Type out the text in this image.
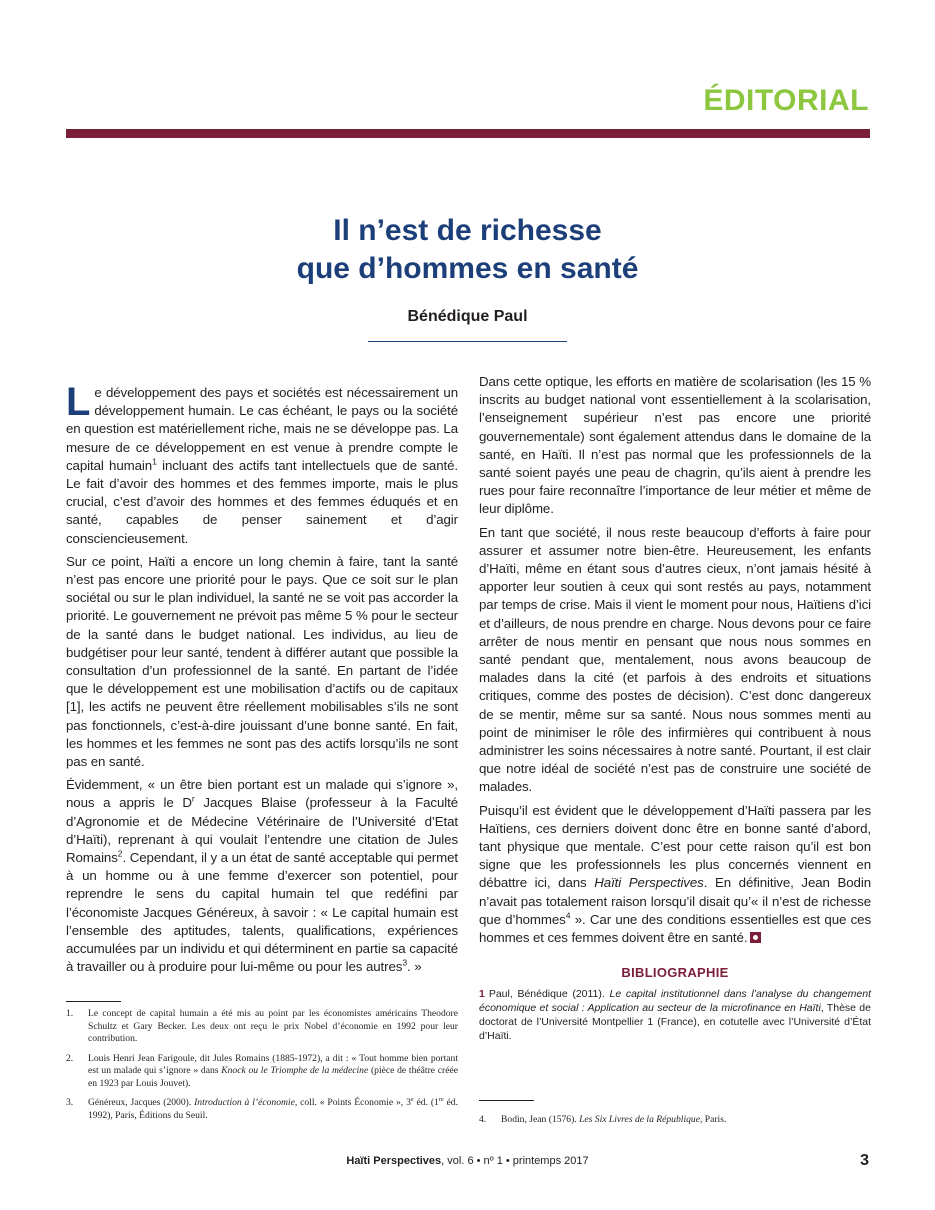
ÉDITORIAL
Il n’est de richesse
que d’hommes en santé
Bénédique Paul

Le développement des pays et sociétés est nécessairement un développement humain. Le cas échéant, le pays ou la société en question est matériellement riche, mais ne se développe pas. La mesure de ce développement en est venue à prendre compte le capital humain$^1$ incluant des actifs tant intellectuels que de santé. Le fait d’avoir des hommes et des femmes importe, mais le plus crucial, c’est d’avoir des hommes et des femmes éduqués et en santé, capables de penser sainement et d’agir consciencieusement.

Sur ce point, Haïti a encore un long chemin à faire, tant la santé n’est pas encore une priorité pour le pays. Que ce soit sur le plan sociétal ou sur le plan individuel, la santé ne se voit pas accorder la priorité. Le gouvernement ne prévoit pas même 5 % pour le secteur de la santé dans le budget national. Les individus, au lieu de budgétiser pour leur santé, tendent à différer autant que possible la consultation d’un professionnel de la santé. En partant de l’idée que le développement est une mobilisation d’actifs ou de capitaux [1], les actifs ne peuvent être réellement mobilisables s’ils ne sont pas fonctionnels, c’est-à-dire jouissant d’une bonne santé. En fait, les hommes et les femmes ne sont pas des actifs lorsqu’ils ne sont pas en santé.

Évidemment, « un être bien portant est un malade qui s’ignore », nous a appris le $D^r$ Jacques Blaise (professeur à la Faculté d’Agronomie et de Médecine Vétérinaire de l’Université d’Etat d’Haïti), reprenant à qui voulait l’entendre une citation de Jules Romains$^2$. Cependant, il y a un état de santé acceptable qui permet à un homme ou à une femme d’exercer son potentiel, pour reprendre le sens du capital humain tel que redéfini par l’économiste Jacques Généreux, à savoir : « Le capital humain est l’ensemble des aptitudes, talents, qualifications, expériences accumulées par un individu et qui déterminent en partie sa capacité à travailler ou à produire pour lui-même ou pour les autres$^3$. »

Dans cette optique, les efforts en matière de scolarisation (les 15 % inscrits au budget national vont essentiellement à la scolarisation, l’enseignement supérieur n’est pas encore une priorité gouvernementale) sont également attendus dans le domaine de la santé, en Haïti. Il n’est pas normal que les professionnels de la santé soient payés une peau de chagrin, qu’ils aient à prendre les rues pour faire reconnaître l’importance de leur métier et même de leur diplôme.

En tant que société, il nous reste beaucoup d’efforts à faire pour assurer et assumer notre bien-être. Heureusement, les enfants d’Haïti, même en étant sous d’autres cieux, n’ont jamais hésité à apporter leur soutien à ceux qui sont restés au pays, notamment par temps de crise. Mais il vient le moment pour nous, Haïtiens d’ici et d’ailleurs, de nous prendre en charge. Nous devons pour ce faire arrêter de nous mentir en pensant que nous nous sommes en santé pendant que, mentalement, nous avons beaucoup de malades dans la cité (et parfois à des endroits et situations critiques, comme des postes de décision). C’est donc dangereux de se mentir, même sur sa santé. Nous nous sommes menti au point de minimiser le rôle des infirmières qui contribuent à nous administrer les soins nécessaires à notre santé. Pourtant, il est clair que notre idéal de société n’est pas de construire une société de malades.

Puisqu’il est évident que le développement d’Haïti passera par les Haïtiens, ces derniers doivent donc être en bonne santé d’abord, tant physique que mentale. C’est pour cette raison qu’il est bon signe que les professionnels les plus concernés viennent en débattre ici, dans Haïti Perspectives. En définitive, Jean Bodin n’avait pas totalement raison lorsqu’il disait qu’« il n’est de richesse que d’hommes$^4$ ». Car une des conditions essentielles est que ces hommes et ces femmes doivent être en santé.

BIBLIOGRAPHIE
1 Paul, Bénédique (2011). Le capital institutionnel dans l’analyse du changement économique et social : Application au secteur de la microfinance en Haïti, Thèse de doctorat de l’Université Montpellier 1 (France), en cotutelle avec l’Université d’État d’Haïti.
1.	Le concept de capital humain a été mis au point par les économistes américains Theodore Schultz et Gary Becker. Les deux ont reçu le prix Nobel d’économie en 1992 pour leur contribution.
2.	Louis Henri Jean Farigoule, dit Jules Romains (1885-1972), a dit : « Tout homme bien portant est un malade qui s’ignore » dans Knock ou le Triomphe de la médecine (pièce de théâtre créée en 1923 par Louis Jouvet).
3.	Généreux, Jacques (2000). Introduction à l’économie, coll. « Points Économie », 3e éd. (1re éd. 1992), Paris, Éditions du Seuil.	4.	Bodin, Jean (1576). Les Six Livres de la République, Paris.
Haïti Perspectives, vol. 6 • nº 1 • printemps 2017	3
